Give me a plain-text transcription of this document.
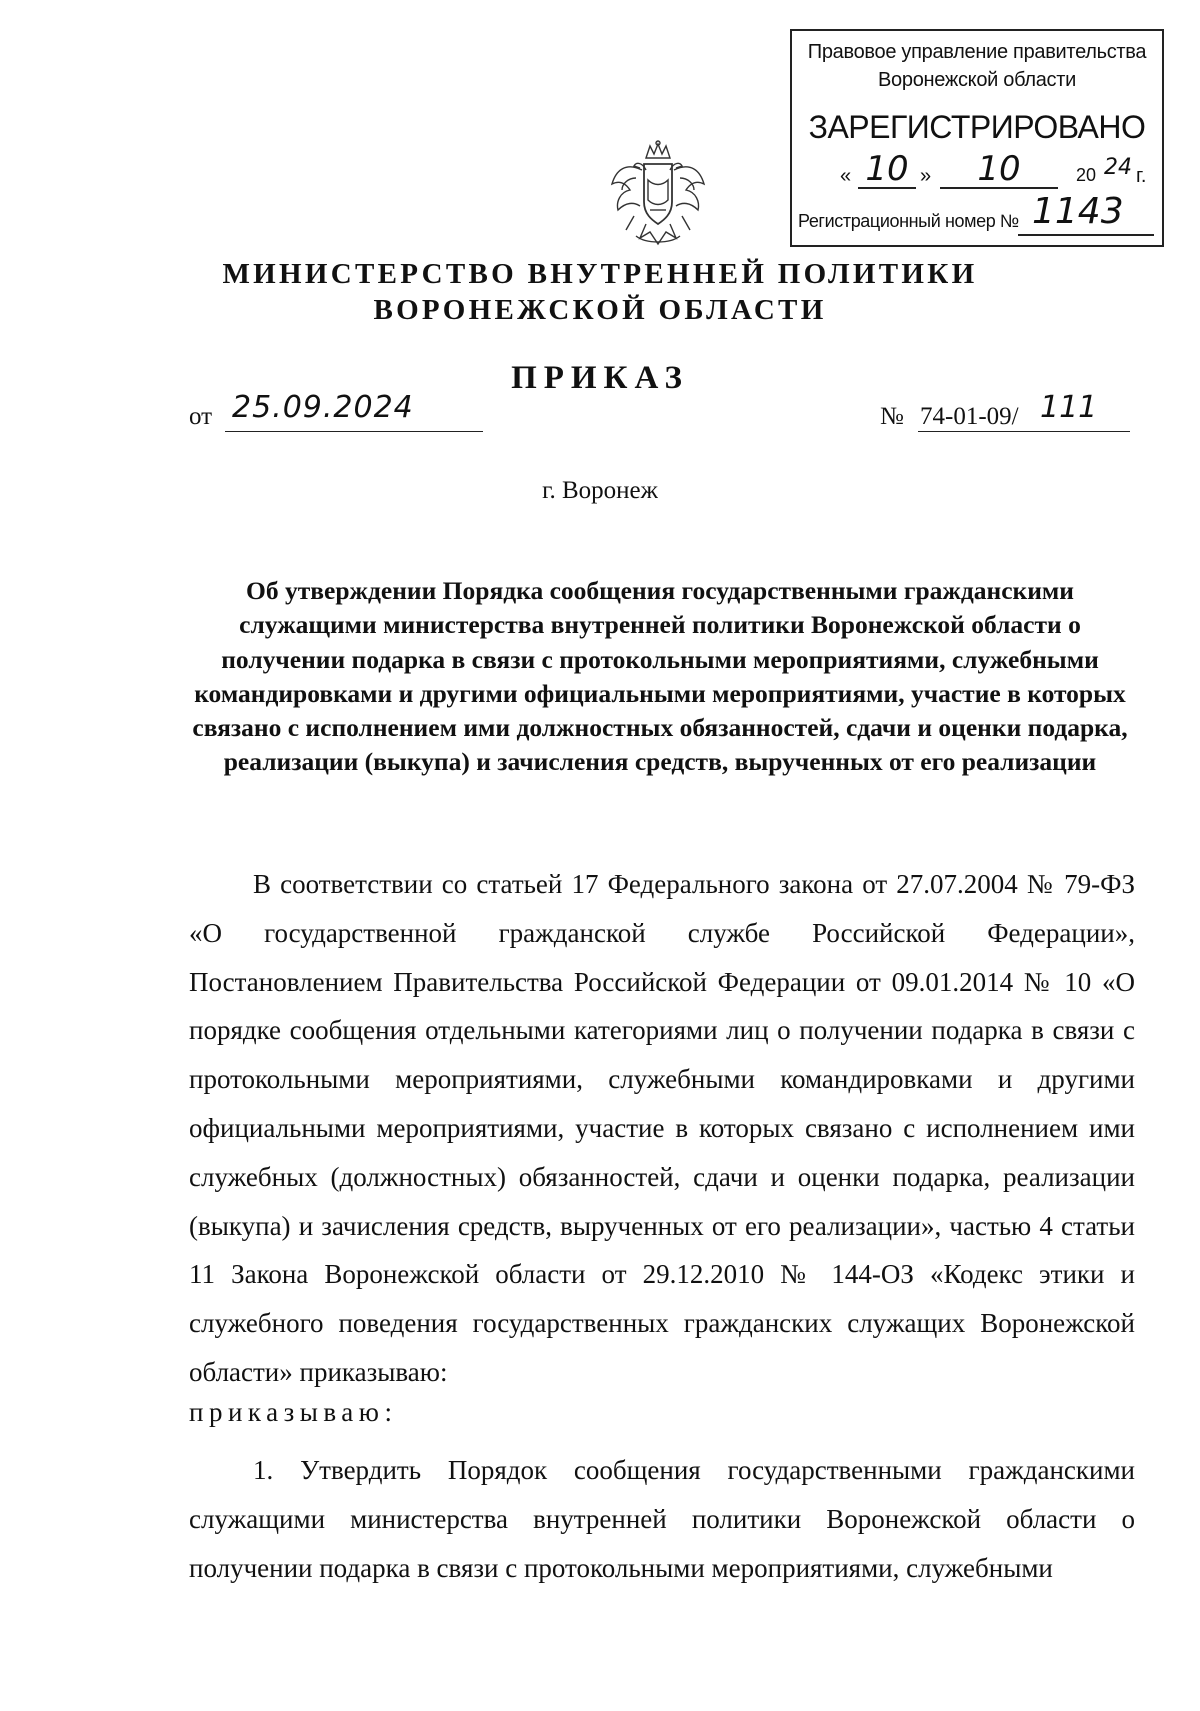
Правовое управление правительства
Воронежской области
ЗАРЕГИСТРИРОВАНО
« 10 »	10	20 24 г.
Регистрационный номер № 1143
МИНИСТЕРСТВО ВНУТРЕННЕЙ ПОЛИТИКИ
ВОРОНЕЖСКОЙ ОБЛАСТИ
ПРИКАЗ
от 25.09.2024	№ 74-01-09/ 111
г. Воронеж
Об утверждении Порядка сообщения государственными гражданскими служащими министерства внутренней политики Воронежской области о получении подарка в связи с протокольными мероприятиями, служебными командировками и другими официальными мероприятиями, участие в которых связано с исполнением ими должностных обязанностей, сдачи и оценки подарка, реализации (выкупа) и зачисления средств, вырученных от его реализации

В соответствии со статьей 17 Федерального закона от 27.07.2004 № 79-ФЗ «О государственной гражданской службе Российской Федерации», Постановлением Правительства Российской Федерации от 09.01.2014 № 10 «О порядке сообщения отдельными категориями лиц о получении подарка в связи с протокольными мероприятиями, служебными командировками и другими официальными мероприятиями, участие в которых связано с исполнением ими служебных (должностных) обязанностей, сдачи и оценки подарка, реализации (выкупа) и зачисления средств, вырученных от его реализации», частью 4 статьи 11 Закона Воронежской области от 29.12.2010 № 144-ОЗ «Кодекс этики и служебного поведения государственных гражданских служащих Воронежской области» приказываю:

приказываю:

1. Утвердить Порядок сообщения государственными гражданскими служащими министерства внутренней политики Воронежской области о получении подарка в связи с протокольными мероприятиями, служебными
